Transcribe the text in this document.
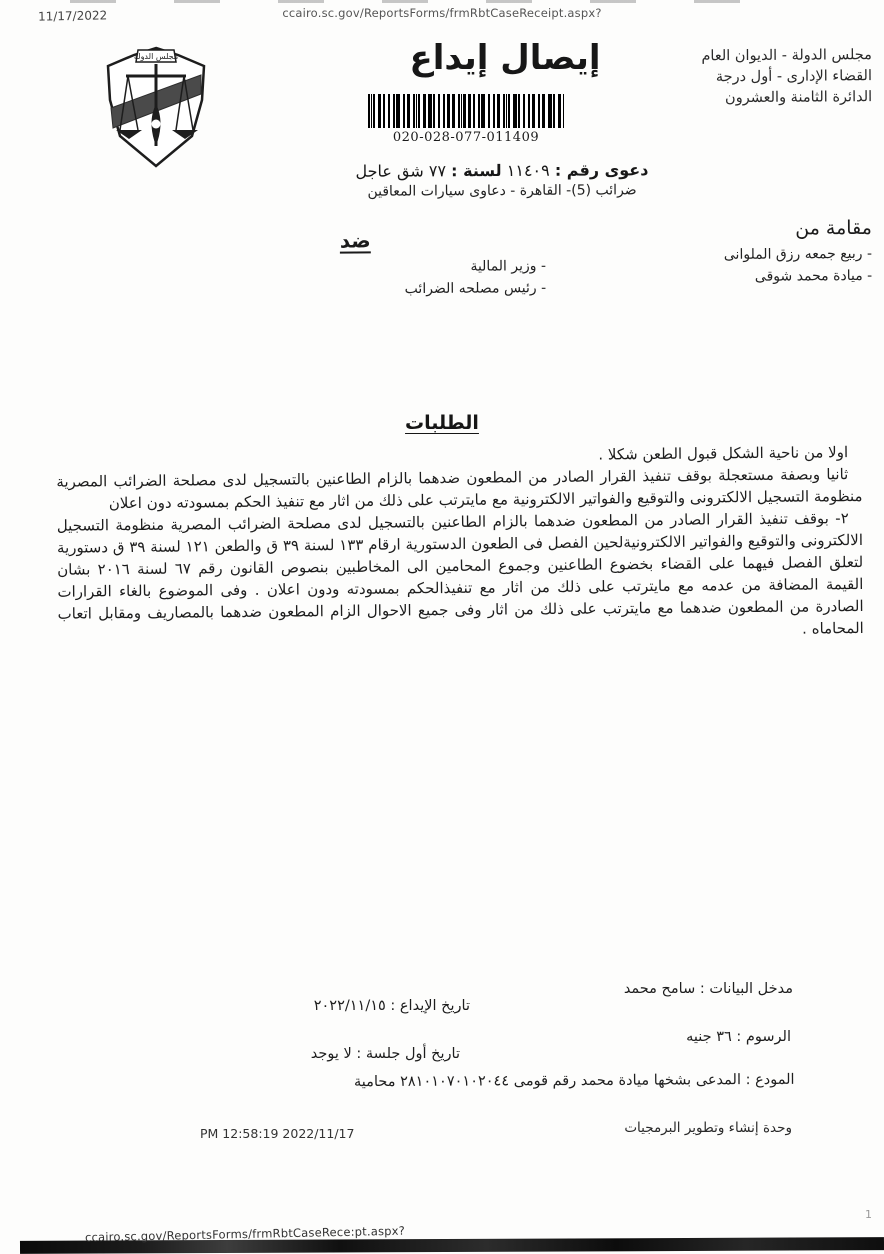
11/17/2022	ccairo.sc.gov/ReportsForms/frmRbtCaseReceipt.aspx?
مجلس الدولة	مجلس الدولة - الديوان العام
القضاء الإدارى - أول درجة
الدائرة الثامنة والعشرون
إيصال إيداع
020-028-077-011409
دعوى رقم : ١١٤٠٩ لسنة : ٧٧ شق عاجل
ضرائب (5)- القاهرة - دعاوى سيارات المعاقين
مقامة من
- ربيع جمعه رزق الملوانى
- ميادة محمد شوقى
ضد
- وزير المالية
- رئيس مصلحه الضرائب
الطلبات

اولا من ناحية الشكل قبول الطعن شكلا .

ثانيا وبصفة مستعجلة بوقف تنفيذ القرار الصادر من المطعون ضدهما بالزام الطاعنين بالتسجيل لدى مصلحة الضرائب المصرية منظومة التسجيل الالكترونى والتوقيع والفواتير الالكترونية مع مايترتب على ذلك من اثار مع تنفيذ الحكم بمسودته دون اعلان

٢- بوقف تنفيذ القرار الصادر من المطعون ضدهما بالزام الطاعنين بالتسجيل لدى مصلحة الضرائب المصرية منظومة التسجيل الالكترونى والتوقيع والفواتير الالكترونيةلحين الفصل فى الطعون الدستورية ارقام ١٣٣ لسنة ٣٩ ق والطعن ١٢١ لسنة ٣٩ ق دستورية لتعلق الفصل فيهما على القضاء بخضوع الطاعنين وجموع المحامين الى المخاطبين بنصوص القانون رقم ٦٧ لسنة ٢٠١٦ بشان القيمة المضافة من عدمه مع مايترتب على ذلك من اثار مع تنفيذالحكم بمسودته ودون اعلان . وفى الموضوع بالغاء القرارات الصادرة من المطعون ضدهما مع مايترتب على ذلك من اثار وفى جميع الاحوال الزام المطعون ضدهما بالمصاريف ومقابل اتعاب المحاماه .

مدخل البيانات : سامح محمد
الرسوم : ٣٦ جنيه
المودع : المدعى بشخها ميادة محمد رقم قومى ٢٨١٠١٠٧٠١٠٢٠٤٤ محامية
تاريخ الإيداع : ٢٠٢٢/١١/١٥
تاريخ أول جلسة : لا يوجد
وحدة إنشاء وتطوير البرمجيات
PM 12:58:19 2022/11/17
ccairo.sc.gov/ReportsForms/frmRbtCaseRece:pt.aspx?
1
